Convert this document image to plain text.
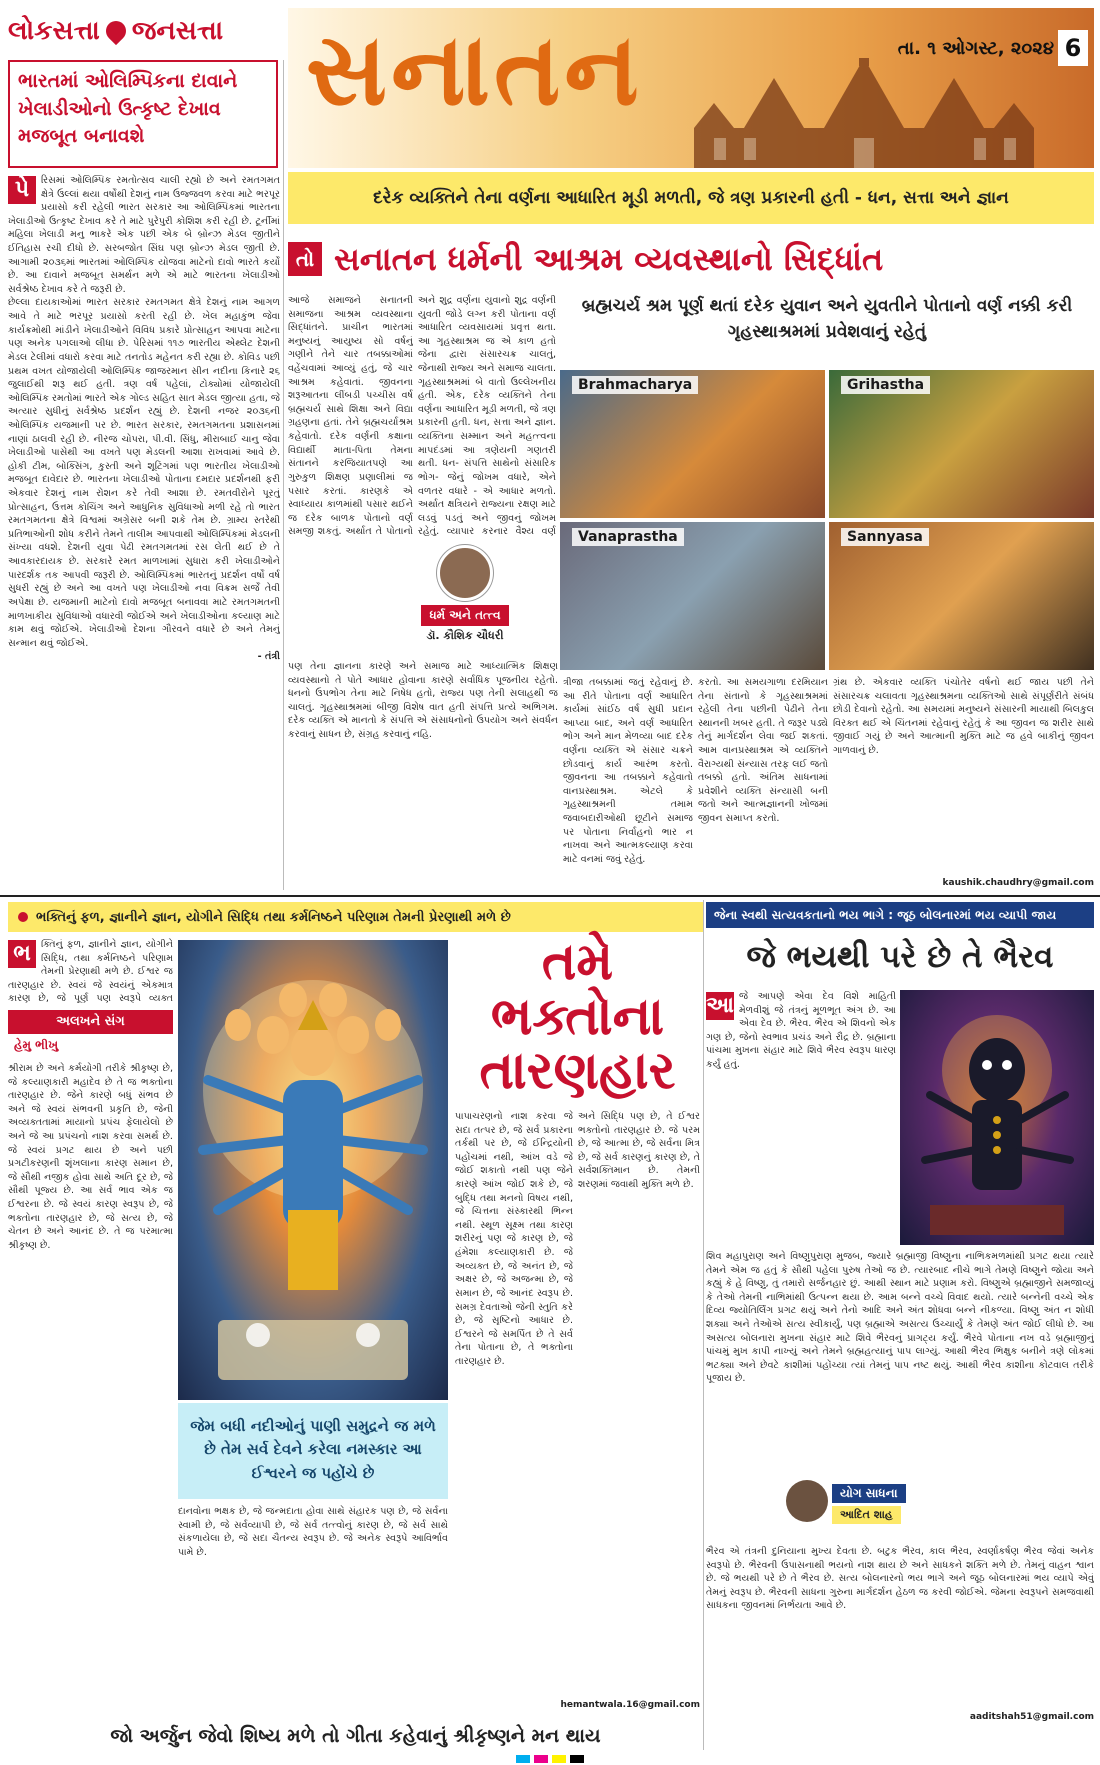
લોકસત્તા જનસત્તા સનાતન	તા. ૧ ઓગસ્ટ, ૨૦૨૪ 6
ભારતમાં ઓલિમ્પિકના દાવાને ખેલાડીઓનો ઉત્કૃષ્ટ દેખાવ મજબૂત બનાવશે
પે	રિસમાં ઓલિમ્પિક રમતોત્સવ ચાલી રહ્યો છે અને રમતગમત ક્ષેત્રે ઉલ્લાં થયા વર્ષોથી દેશનું નામ ઉજ્જવળ કરવા માટે ભરપૂર પ્રયાસો કરી રહેલી ભારત સરકાર આ ઓલિમ્પિકમાં ભારતના ખેલાડીઓ ઉત્કૃષ્ટ દેખાવ કરે તે માટે પુરેપુરી કોશિશ કરી રહી છે. ટૂર્નીમાં મહિલા ખેલાડી મનુ ભાકરે એક પછી એક બે બ્રોન્ઝ મેડલ જીતીને ઈતિહાસ રચી દીધો છે. સરબજોત સિંઘ પણ બ્રોન્ઝ મેડલ જીતી છે. આગામી ૨૦૩૬માં ભારતમાં ઓલિમ્પિક યોજવા માટેનો દાવો ભારતે કર્યો છે. આ દાવાને મજબૂત સમર્થન મળે એ માટે ભારતના ખેલાડીઓ સર્વશ્રેષ્ઠ દેખાવ કરે તે જરૂરી છે.
છેલ્લા દાયકાઓમાં ભારત સરકાર રમતગમત ક્ષેત્રે દેશનું નામ આગળ આવે તે માટે ભરપૂર પ્રયાસો કરતી રહી છે. ખેલ મહાકુંભ જેવા કાર્યક્રમોથી માંડીને ખેલાડીઓને વિવિધ પ્રકારે પ્રોત્સાહન આપવા માટેના પણ અનેક પગલાઓ લીધા છે. પેરિસમાં ૧૧૭ ભારતીય એથ્લેટ દેશની મેડલ ટેલીમાં વધારો કરવા માટે તનતોડ મહેનત કરી રહ્યા છે. કોવિડ પછી પ્રથમ વખત યોજાયેલી ઓલિમ્પિક જાજરમાન સીન નદીના કિનારે ૨૬ જુલાઈથી શરૂ થઈ હતી. ત્રણ વર્ષ પહેલાં, ટોક્યોમાં યોજાયેલી ઓલિમ્પિક રમતોમાં ભારતે એક ગોલ્ડ સહિત સાત મેડલ જીત્યા હતા, જે અત્યાર સુધીનું સર્વશ્રેષ્ઠ પ્રદર્શન રહ્યું છે. દેશની નજર ૨૦૩૬ની ઓલિમ્પિક યજમાની પર છે. ભારત સરકાર, રમતગમતના પ્રશાસનમાં નાણાં ઠાલવી રહી છે. નીરજ ચોપરા, પી.વી. સિંધુ, મીરાબાઈ ચાનુ જેવા ખેલાડીઓ પાસેથી આ વખતે પણ મેડલની આશા રાખવામાં આવે છે. હોકી ટીમ, બોક્સિંગ, કુસ્તી અને શૂટિંગમાં પણ ભારતીય ખેલાડીઓ મજબૂત દાવેદાર છે. ભારતના ખેલાડીઓ પોતાના દમદાર પ્રદર્શનથી ફરી એકવાર દેશનું નામ રોશન કરે તેવી આશા છે. રમતવીરોને પૂરતું પ્રોત્સાહન, ઉત્તમ કોચિંગ અને આધુનિક સુવિધાઓ મળી રહે તો ભારત રમતગમતના ક્ષેત્રે વિશ્વમાં અગ્રેસર બની શકે તેમ છે. ગ્રામ્ય સ્તરેથી પ્રતિભાઓની શોધ કરીને તેમને તાલીમ આપવાથી ઓલિમ્પિકમાં મેડલની સંખ્યા વધશે. દેશની યુવા પેઢી રમતગમતમાં રસ લેતી થઈ છે તે આવકારદાયક છે. સરકારે રમત માળખામાં સુધારા કરી ખેલાડીઓને પારદર્શક તક આપવી જરૂરી છે. ઓલિમ્પિકમાં ભારતનું પ્રદર્શન વર્ષો વર્ષ સુધરી રહ્યું છે અને આ વખતે પણ ખેલાડીઓ નવા વિક્રમ સર્જે તેવી અપેક્ષા છે. યજમાની માટેનો દાવો મજબૂત બનાવવા માટે રમતગમતની માળખાકીય સુવિધાઓ વધારવી જોઈએ અને ખેલાડીઓના કલ્યાણ માટે કામ થવું જોઈએ. ખેલાડીઓ દેશના ગૌરવને વધારે છે અને તેમનું સન્માન થવું જોઈએ.
- તંત્રી
દરેક વ્યક્તિને તેના વર્ણના આધારિત મૂડી મળતી, જે ત્રણ પ્રકારની હતી - ધન, સત્તા અને જ્ઞાન
તો સનાતન ધર્મની આશ્રમ વ્યવસ્થાનો સિદ્ધાંત
આજે સમાજને સનાતની સમાજના આશ્રમ વ્યવસ્થાના સિદ્ધાંતને. પ્રાચીન ભારતમાં મનુષ્યનું આયુષ્ય સો વર્ષનું ગણીને તેને ચાર તબક્કાઓમાં વહેંચવામાં આવ્યું હતું, જે ચાર આશ્રમ કહેવાતાં. જીવનના શરૂઆતના લીંબડી પચ્ચીસ વર્ષ બ્રહ્મચર્ય સાથે શિક્ષા અને વિદ્યા ગ્રહણના હતાં. તેને બ્રહ્મચર્યાશ્રમ કહેવાતો. દરેક વર્ણની કક્ષાના વિદ્યાર્થી માતા-પિતા તેમના સંતાનને કરજિયાતપણે આ ગુરુકુળ શિક્ષણ પ્રણાલીમાં જ પસાર કરતાં. કારણકે એ સ્વાધ્યાય કાળમાંથી પસાર થઈને જ દરેક બાળક પોતાનો વર્ણ સમજી શકતું. અર્થાત તે પોતાનો
અને શુદ્ર વર્ણના યુવાનો શુદ્ર વર્ણની યુવતી જોડે લગ્ન કરી પોતાના વર્ણ આધારિત વ્યવસાયમાં પ્રવૃત્ત થતા. આ ગૃહસ્થાશ્રમ જ એ કાળ હતો જેના દ્વારા સંસારચક્ર ચાલતું, જેનાથી રાજ્ય અને સમાજ ચાલતા. ગૃહસ્થાશ્રમમાં બે વાતો ઉલ્લેખનીય હતી. એક, દરેક વ્યક્તિને તેના વર્ણના આધારિત મૂડી મળતી, જે ત્રણ પ્રકારની હતી. ધન, સત્તા અને જ્ઞાન. વ્યક્તિના સમ્માન અને મહત્ત્વના માપદંડમાં આ ત્રણેયની ગણતરી થતી. ધન- સંપત્તિ સાથેનો સંસારિક ભોગ- જેનું જોખમ વધારે, એને વળતર વધારે - એ આધાર મળતો. અર્થાત ક્ષત્રિયને રાજ્યના રક્ષણ માટે લડવું પડતું અને જીવનું જોખમ રહેતું. વ્યાપાર કરનાર વૈશ્ય વર્ણ
બ્રહ્મચર્ય શ્રમ પૂર્ણ થતાં દરેક યુવાન અને યુવતીને પોતાનો વર્ણ નક્કી કરી ગૃહસ્થાશ્રમમાં પ્રવેશવાનું રહેતું
Brahmacharya	Grihastha
Vanaprastha	Sannyasa
ધર્મ અને તત્ત્વ
ડૉ. કૌશિક ચૌધરી
પણ તેના જ્ઞાનના કારણે અને સમાજ માટે આધ્યાત્મિક શિક્ષણ વ્યવસ્થાનો તે પોતે આધાર હોવાના કારણે સર્વાધિક પૂજનીય રહેતો. ધનનો ઉપભોગ તેના માટે નિષેધ હતો, રાજ્ય પણ તેની સલાહથી જ ચાલતું. ગૃહસ્થાશ્રમમાં બીજી વિશેષ વાત હતી સંપત્તિ પ્રત્યે અભિગમ. દરેક વ્યક્તિ એ માનતો કે સંપત્તિ એ સંસાધનોનો ઉપયોગ અને સંવર્ધન કરવાનું સાધન છે, સંગ્રહ કરવાનું નહિ.
ત્રીજા તબક્કામાં જતું રહેવાનું છે. આ રીતે પોતાના વર્ણ આધારિત કાર્યમાં સાંઈઠ વર્ષ સુધી પ્રદાન આપ્યા બાદ, અને વર્ણ આધારિત ભોગ અને માન મેળવ્યા બાદ દરેક વર્ણના વ્યક્તિ એ સંસાર ચક્રને છોડવાનું કાર્ય આરંભ કરતો. જીવનના આ તબક્કાને કહેવાતો વાનપ્રસ્થાશ્રમ. એટલે કે ગૃહસ્થાશ્રમની તમામ જવાબદારીઓથી છૂટીને સમાજ પર પોતાના નિર્વાહનો ભાર ન નાખવા અને આત્મકલ્યાણ કરવા માટે વનમાં જવું રહેતું.
કરતો. આ સમયગાળા દરમિયાન તેના સંતાનો કે ગૃહસ્થાશ્રમમાં રહેલી તેના પછીની પેઢીને તેના સ્થાનની ખબર હતી. તે જરૂર પડ્યે તેનું માર્ગદર્શન લેવા જઈ શકતાં. આમ વાનપ્રસ્થાશ્રમ એ વ્યક્તિને વૈરાગ્યથી સંન્યાસ તરફ લઈ જતો તબક્કો હતો. અંતિમ સાધનામાં પ્રવેશીને વ્યક્તિ સંન્યાસી બની જતો અને આત્મજ્ઞાનની ખોજમાં જીવન સમાપ્ત કરતો.
ગ્રંથ છે. એકવાર વ્યક્તિ પંચોતેર વર્ષનો થઈ જાય પછી તેને સંસારચક્ર ચલાવતા ગૃહસ્થાશ્રમના વ્યક્તિઓ સાથે સંપૂર્ણરીતે સંબંધ છોડી દેવાનો રહેતો. આ સમયમાં મનુષ્યને સંસારની માયાથી બિલકુલ વિરક્ત થઈ એ ચિંતનમાં રહેવાનું રહેતું કે આ જીવન જ શરીર સાથે જીવાઈ ગયું છે અને આત્માની મુક્તિ માટે જ હવે બાકીનું જીવન ગાળવાનું છે.
kaushik.chaudhry@gmail.com
ભક્તિનું ફળ, જ્ઞાનીને જ્ઞાન, યોગીને સિદ્ધિ તથા કર્મનિષ્ઠને પરિણામ તેમની પ્રેરણાથી મળે છે
ભ	ક્તિનું ફળ, જ્ઞાનીને જ્ઞાન, યોગીને સિદ્ધિ, તથા કર્મનિષ્ઠને પરિણામ તેમની પ્રેરણાથી મળે છે. ઈશ્વર જ તારણહાર છે. સ્વયં જે સ્વયંનું એકમાત્ર કારણ છે, જે પૂર્ણ પણ સ્વરૂપે વ્યક્ત
અલખને સંગ
હેમુ ભીખુ
શ્રીરામ છે અને કર્મયોગી તરીકે શ્રીકૃષ્ણ છે, જે કલ્યાણકારી મહાદેવ છે તે જ ભક્તોના તારણહાર છે. જેને કારણે બધું સંભવ છે અને જે સ્વયં સંભવની પ્રકૃતિ છે, જેની અવ્યક્તતામાં માયાનો પ્રપંચ ફેલાયેલો છે અને જે આ પ્રપંચનો નાશ કરવા સમર્થ છે. જે સ્વયં પ્રગટ થાય છે અને પછી પ્રગટીકરણની શૃંખલાના કારણ સમાન છે, જે સૌથી નજીક હોવા સાથે અતિ દૂર છે, જે સૌથી પૂજ્ય છે. આ સર્વ ભાવ એક જ ઈશ્વરના છે. જે સ્વયં કારણ સ્વરૂપ છે, જે ભક્તોના તારણહાર છે, જે સત્ય છે, જે ચેતન છે અને આનંદ છે. તે જ પરમાત્મા શ્રીકૃષ્ણ છે.
તમે ભક્તોના તારણહાર
પાપાચરણનો નાશ કરવા જે સદા તત્પર છે, જે સર્વ પ્રકારના તર્કથી પર છે, જે ઈન્દ્રિયોની પહોંચમાં નથી, આંખ વડે જે જોઈ શકાતો નથી પણ જેને કારણે આંખ જોઈ શકે છે, જે બુદ્ધિ તથા મનનો વિષય નથી, જે ચિત્તના સંસ્કારથી ભિન્ન નથી. સ્થૂળ સૂક્ષ્મ તથા કારણ શરીરનું પણ જે કારણ છે, જે હંમેશા કલ્યાણકારી છે. જે અવ્યક્ત છે, જે અનંત છે, જે અક્ષર છે, જે અજન્મા છે, જે સમાન છે, જે આનંદ સ્વરૂપ છે. સમગ્ર દેવતાઓ જેની સ્તુતિ કરે છે, જે સૃષ્ટિનો આધાર છે. ઈશ્વરને જે સમર્પિત છે તે સર્વ તેના પોતાના છે, તે ભક્તોના તારણહાર છે.
અને સિદ્ધિ પણ છે, તે ઈશ્વર ભક્તોનો તારણહાર છે. જે પરમ છે, જે આત્મા છે, જે સર્વના મિત્ર છે, જે સર્વ કારણનું કારણ છે, તે સર્વશક્તિમાન છે. તેમની શરણમાં જવાથી મુક્તિ મળે છે.
દાનવોના ભક્ષક છે, જે જન્મદાતા હોવા સાથે સંહારક પણ છે, જે સર્વના સ્વામી છે, જે સર્વવ્યાપી છે, જે સર્વ તત્ત્વોનું કારણ છે, જે સર્વ સાથે સંકળાયેલા છે, જે સદા ચૈતન્ય સ્વરૂપ છે. જે અનેક સ્વરૂપે આવિર્ભાવ પામે છે.
જેમ બધી નદીઓનું પાણી સમુદ્રને જ મળે છે તેમ સર્વ દેવને કરેલા નમસ્કાર આ ઈશ્વરને જ પહોંચે છે
hemantwala.16@gmail.com
જો અર્જુન જેવો શિષ્ય મળે તો ગીતા કહેવાનું શ્રીકૃષ્ણને મન થાય
જેના સ્વથી સત્યવકતાનો ભય ભાગે : જૂઠ બોલનારમાં ભય વ્યાપી જાય
જે ભયથી પરે છે તે ભૈરવ
આ જે આપણે એવા દેવ વિશે માહિતી મેળવીશું જે તંત્રનું મૂળભૂત અંગ છે. આ એવા દેવ છે. ભૈરવ. ભૈરવ એ શિવનો એક ગણ છે, જેનો સ્વભાવ પ્રચંડ અને રૌદ્ર છે. બ્રહ્માના પાંચમા મુખના સંહાર માટે શિવે ભૈરવ સ્વરૂપ ધારણ કર્યું હતું.
શિવ મહાપુરાણ અને વિષ્ણુપુરાણ મુજબ, જ્યારે બ્રહ્માજી વિષ્ણુના નાભિકમળમાંથી પ્રગટ થયા ત્યારે તેમને એમ જ હતું કે સૌથી પહેલા પુરુષ તેઓ જ છે. ત્યારબાદ નીચે ભાગે તેમણે વિષ્ણુને જોયા અને કહ્યું કે હે વિષ્ણુ, તું તમારો સર્જનહાર છું. આથી સ્થાન માટે પ્રણામ કરો. વિષ્ણુએ બ્રહ્માજીને સમજાવ્યું કે તેઓ તેમની નાભિમાંથી ઉત્પન્ન થયા છે. આમ બન્ને વચ્ચે વિવાદ થયો. ત્યારે બન્નેની વચ્ચે એક દિવ્ય જ્યોતિર્લિંગ પ્રગટ થયું અને તેનો આદિ અને અંત શોધવા બન્ને નીકળ્યા. વિષ્ણુ અંત ન શોધી શક્યા અને તેઓએ સત્ય સ્વીકાર્યું, પણ બ્રહ્માએ અસત્ય ઉચ્ચાર્યું કે તેમણે અંત જોઈ લીધો છે. આ અસત્ય બોલનારા મુખના સંહાર માટે શિવે ભૈરવનું પ્રાગટ્ય કર્યું. ભૈરવે પોતાના નખ વડે બ્રહ્માજીનું પાંચમું મુખ કાપી નાખ્યું અને તેમને બ્રહ્મહત્યાનું પાપ લાગ્યું. આથી ભૈરવ ભિક્ષુક બનીને ત્રણે લોકમાં ભટક્યા અને છેવટે કાશીમાં પહોંચ્યા ત્યાં તેમનું પાપ નષ્ટ થયું. આથી ભૈરવ કાશીના કોટવાલ તરીકે પૂજાય છે.
યોગ સાધના
આદિત શાહ
ભૈરવ એ તંત્રની દુનિયાના મુખ્ય દેવતા છે. બટુક ભૈરવ, કાલ ભૈરવ, સ્વર્ણાકર્ષણ ભૈરવ જેવાં અનેક સ્વરૂપો છે. ભૈરવની ઉપાસનાથી ભયનો નાશ થાય છે અને સાધકને શક્તિ મળે છે. તેમનું વાહન શ્વાન છે. જે ભયથી પરે છે તે ભૈરવ છે. સત્ય બોલનારનો ભય ભાગે અને જૂઠ બોલનારમાં ભય વ્યાપે એવું તેમનું સ્વરૂપ છે. ભૈરવની સાધના ગુરુના માર્ગદર્શન હેઠળ જ કરવી જોઈએ. જેમના સ્વરૂપને સમજવાથી સાધકના જીવનમાં નિર્ભયતા આવે છે.
aaditshah51@gmail.com
